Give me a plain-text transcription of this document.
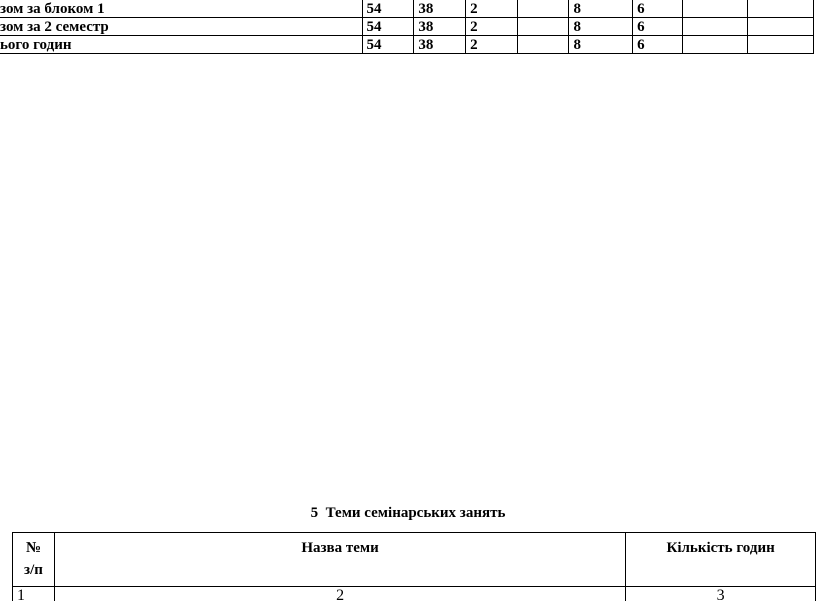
зом за блоком 1	54	38	2		8	6		
зом за 2 семестр	54	38	2		8	6		
ього годин	54	38	2		8	6		
5  Теми семінарських занять
№
з/п	Назва теми	Кількість годин
1	2	3
